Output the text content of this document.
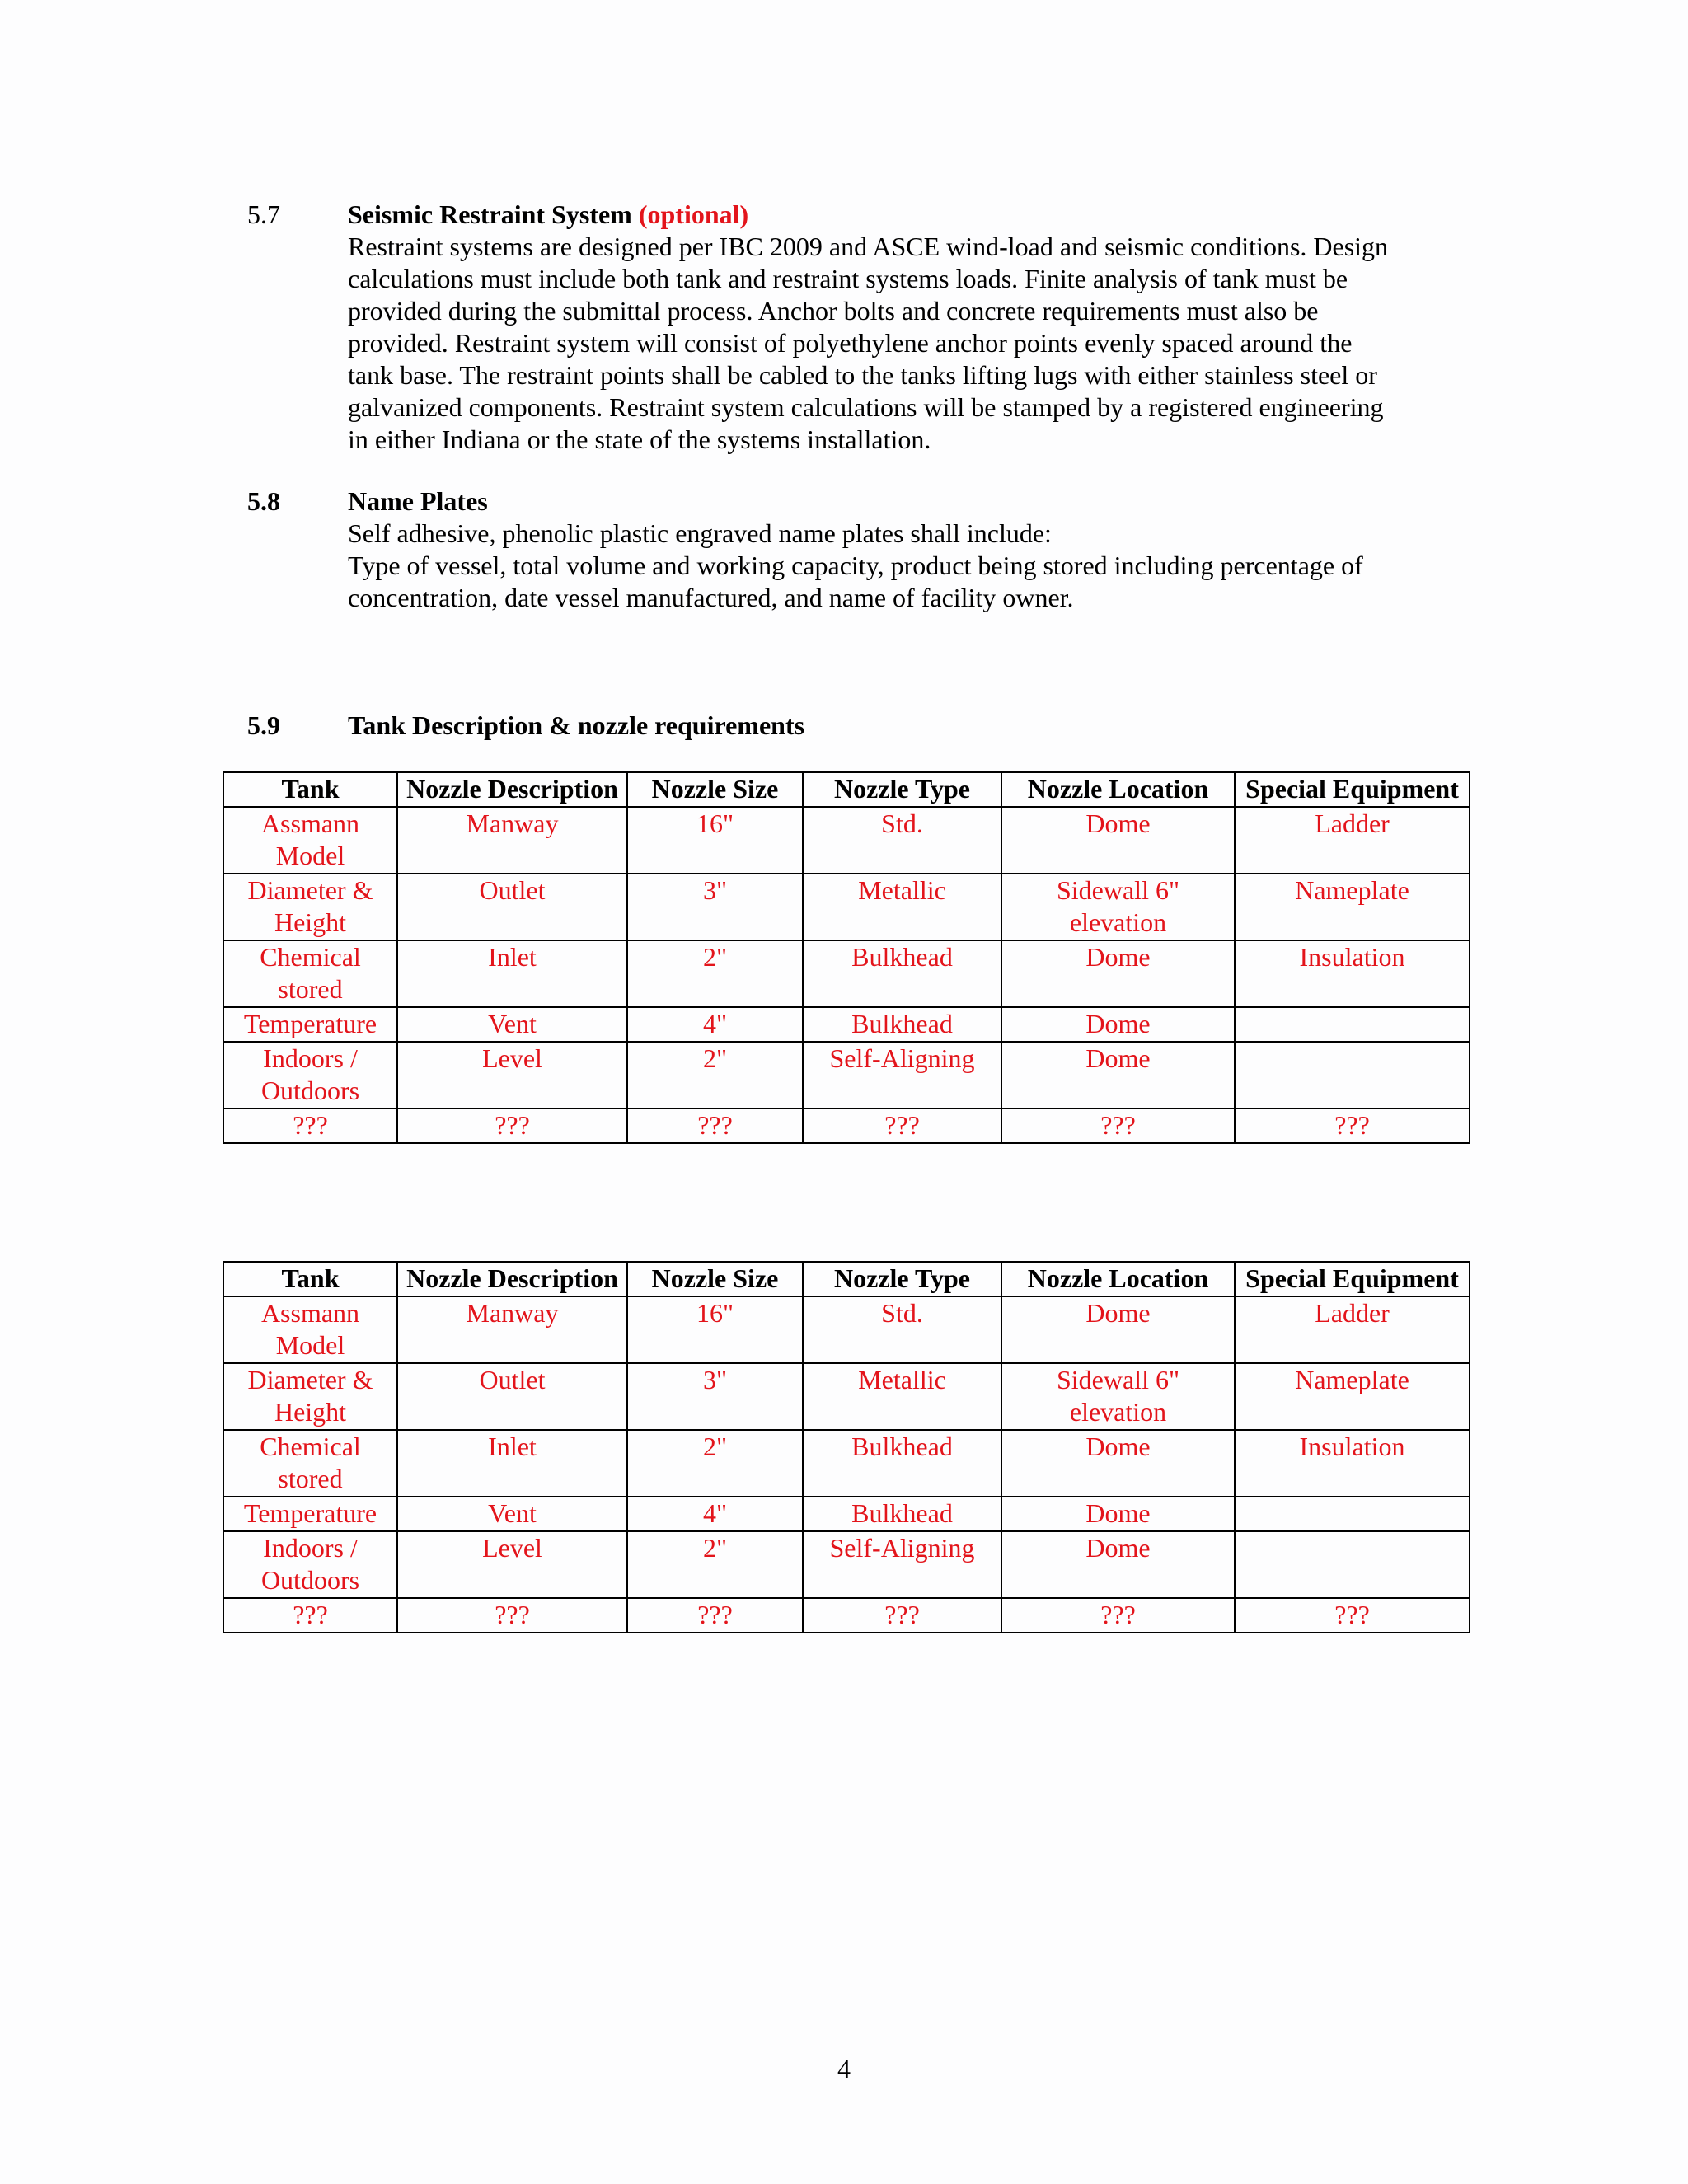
5.7	Seismic Restraint System (optional)
Restraint systems are designed per IBC 2009 and ASCE wind-load and seismic conditions. Design
calculations must include both tank and restraint systems loads. Finite analysis of tank must be
provided during the submittal process. Anchor bolts and concrete requirements must also be
provided. Restraint system will consist of polyethylene anchor points evenly spaced around the
tank base. The restraint points shall be cabled to the tanks lifting lugs with either stainless steel or
galvanized components. Restraint system calculations will be stamped by a registered engineering
in either Indiana or the state of the systems installation.
5.8	Name Plates
Self adhesive, phenolic plastic engraved name plates shall include:
Type of vessel, total volume and working capacity, product being stored including percentage of
concentration, date vessel manufactured, and name of facility owner.
5.9	Tank Description & nozzle requirements
Tank	Nozzle Description	Nozzle Size	Nozzle Type	Nozzle Location	Special Equipment
Assmann Model	Manway	16"	Std.	Dome	Ladder
Diameter & Height	Outlet	3"	Metallic	Sidewall 6" elevation	Nameplate
Chemical stored	Inlet	2"	Bulkhead	Dome	Insulation
Temperature	Vent	4"	Bulkhead	Dome	
Indoors / Outdoors	Level	2"	Self-Aligning	Dome	
???	???	???	???	???	???
Tank	Nozzle Description	Nozzle Size	Nozzle Type	Nozzle Location	Special Equipment
Assmann Model	Manway	16"	Std.	Dome	Ladder
Diameter & Height	Outlet	3"	Metallic	Sidewall 6" elevation	Nameplate
Chemical stored	Inlet	2"	Bulkhead	Dome	Insulation
Temperature	Vent	4"	Bulkhead	Dome	
Indoors / Outdoors	Level	2"	Self-Aligning	Dome	
???	???	???	???	???	???
4
